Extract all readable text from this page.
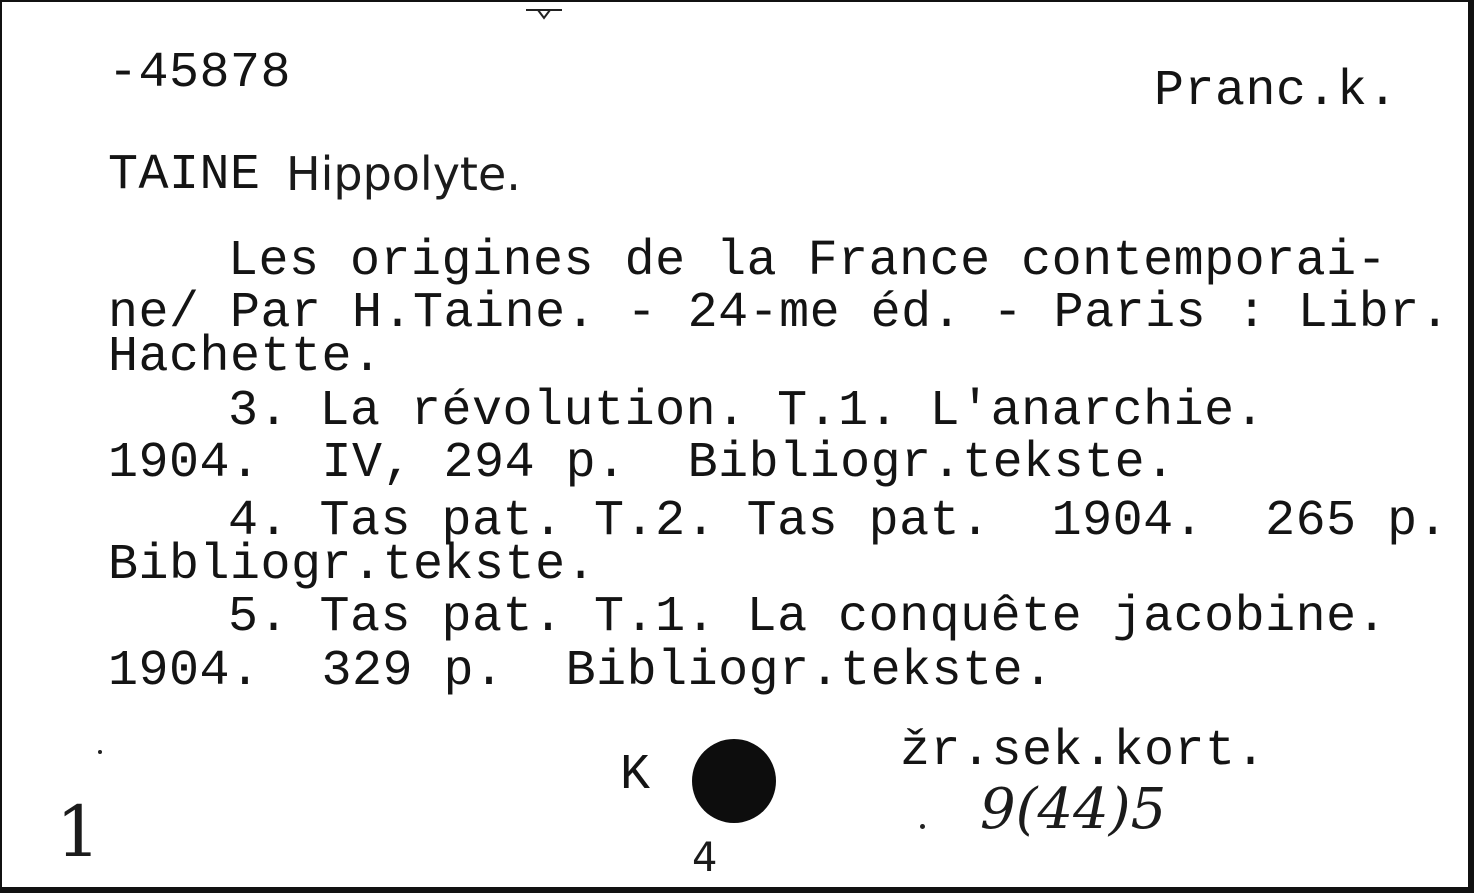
-45878	Pranc.k.
TAINE Hippolyte.
Les origines de la France contemporai-
ne/ Par H.Taine. - 24-me éd. - Paris : Libr.
Hachette.
3. La révolution. T.1. L'anarchie.
1904.  IV, 294 p.  Bibliogr.tekste.
4. Tas pat. T.2. Tas pat.  1904.  265 p.
Bibliogr.tekste.
5. Tas pat. T.1. La conquête jacobine.
1904.  329 p.  Bibliogr.tekste.
K	žr.sek.kort.
9(44)5
1	4
